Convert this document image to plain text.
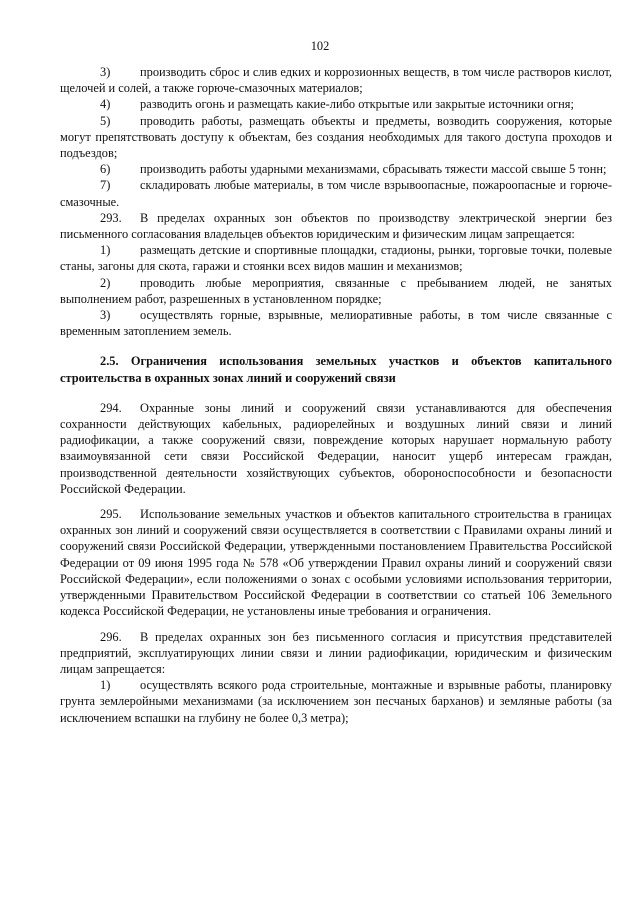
102

3) производить сброс и слив едких и коррозионных веществ, в том числе растворов кислот, щелочей и солей, а также горюче-смазочных материалов;

4) разводить огонь и размещать какие-либо открытые или закрытые источники огня;

5) проводить работы, размещать объекты и предметы, возводить сооружения, которые могут препятствовать доступу к объектам, без создания необходимых для такого доступа проходов и подъездов;

6) производить работы ударными механизмами, сбрасывать тяжести массой свыше 5 тонн;

7) складировать любые материалы, в том числе взрывоопасные, пожароопасные и горюче-смазочные.

293. В пределах охранных зон объектов по производству электрической энергии без письменного согласования владельцев объектов юридическим и физическим лицам запрещается:

1) размещать детские и спортивные площадки, стадионы, рынки, торговые точки, полевые станы, загоны для скота, гаражи и стоянки всех видов машин и механизмов;

2) проводить любые мероприятия, связанные с пребыванием людей, не занятых выполнением работ, разрешенных в установленном порядке;

3) осуществлять горные, взрывные, мелиоративные работы, в том числе связанные с временным затоплением земель.

2.5. Ограничения использования земельных участков и объектов капитального строительства в охранных зонах линий и сооружений связи

294. Охранные зоны линий и сооружений связи устанавливаются для обеспечения сохранности действующих кабельных, радиорелейных и воздушных линий связи и линий радиофикации, а также сооружений связи, повреждение которых нарушает нормальную работу взаимоувязанной сети связи Российской Федерации, наносит ущерб интересам граждан, производственной деятельности хозяйствующих субъектов, обороноспособности и безопасности Российской Федерации.

295. Использование земельных участков и объектов капитального строительства в границах охранных зон линий и сооружений связи осуществляется в соответствии с Правилами охраны линий и сооружений связи Российской Федерации, утвержденными постановлением Правительства Российской Федерации от 09 июня 1995 года № 578 «Об утверждении Правил охраны линий и сооружений связи Российской Федерации», если положениями о зонах с особыми условиями использования территории, утвержденными Правительством Российской Федерации в соответствии со статьей 106 Земельного кодекса Российской Федерации, не установлены иные требования и ограничения.

296. В пределах охранных зон без письменного согласия и присутствия представителей предприятий, эксплуатирующих линии связи и линии радиофикации, юридическим и физическим лицам запрещается:

1) осуществлять всякого рода строительные, монтажные и взрывные работы, планировку грунта землеройными механизмами (за исключением зон песчаных барханов) и земляные работы (за исключением вспашки на глубину не более 0,3 метра);
